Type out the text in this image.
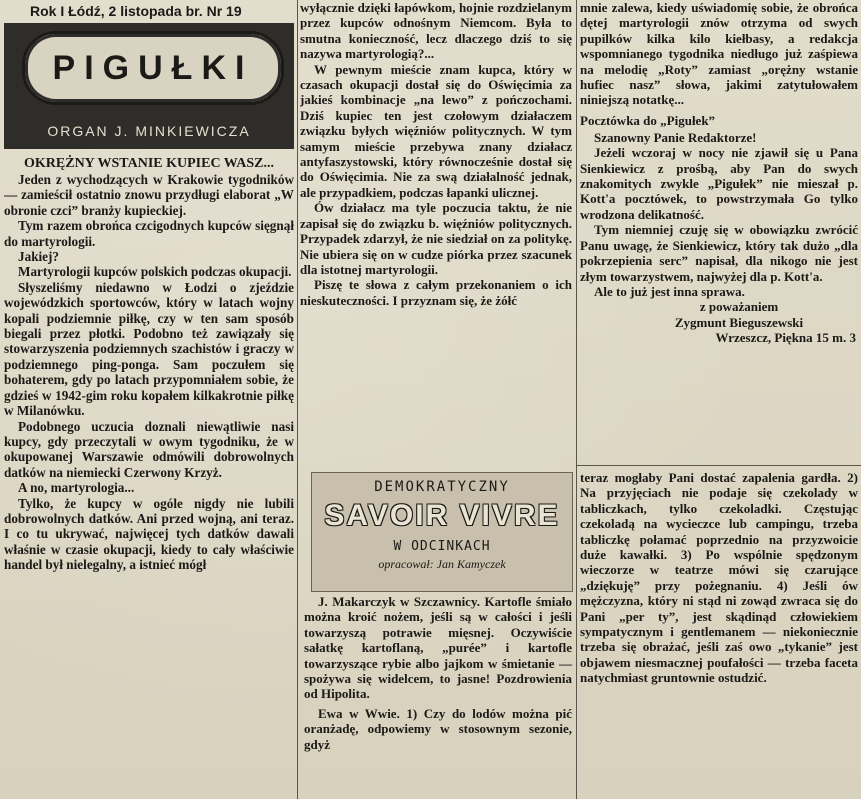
Rok I Łódź, 2 listopada br. Nr 19
PIGUŁKI
ORGAN J. MINKIEWICZA
OKRĘŻNY WSTANIE KUPIEC WASZ...

Jeden z wychodzących w Krakowie tygodników — zamieścił ostatnio znowu przydługi elaborat „W obronie czci” branży kupieckiej.

Tym razem obrońca czcigodnych kupców sięgnął do martyrologii.

Jakiej?

Martyrologii kupców polskich podczas okupacji.

Słyszeliśmy niedawno w Łodzi o zjeździe wojewódzkich sportowców, który w latach wojny kopali podziemnie piłkę, czy w ten sam sposób biegali przez płotki. Podobno też zawiązały się stowarzyszenia podziemnych szachistów i graczy w podziemnego ping-ponga. Sam poczułem się bohaterem, gdy po latach przypomniałem sobie, że gdzieś w 1942-gim roku kopałem kilkakrotnie piłkę w Milanówku.

Podobnego uczucia doznali niewątliwie nasi kupcy, gdy przeczytali w owym tygodniku, że w okupowanej Warszawie odmówili dobrowolnych datków na niemiecki Czerwony Krzyż.

A no, martyrologia...

Tylko, że kupcy w ogóle nigdy nie lubili dobrowolnych datków. Ani przed wojną, ani teraz. I co tu ukrywać, najwięcej tych datków dawali właśnie w czasie okupacji, kiedy to cały właściwie handel był nielegalny, a istnieć mógł

wyłącznie dzięki łapówkom, hojnie rozdzielanym przez kupców odnośnym Niemcom. Była to smutna konieczność, lecz dlaczego dziś to się nazywa martyrologią?...

W pewnym mieście znam kupca, który w czasach okupacji dostał się do Oświęcimia za jakieś kombinacje „na lewo” z pończochami. Dziś kupiec ten jest czołowym działaczem związku byłych więźniów politycznych. W tym samym mieście przebywa znany działacz antyfaszystowski, który równocześnie dostał się do Oświęcimia. Nie za swą działalność jednak, ale przypadkiem, podczas łapanki ulicznej.

Ów działacz ma tyle poczucia taktu, że nie zapisał się do związku b. więźniów politycznych. Przypadek zdarzył, że nie siedział on za politykę. Nie ubiera się on w cudze piórka przez szacunek dla istotnej martyrologii.

Piszę te słowa z całym przekonaniem o ich nieskuteczności. I przyznam się, że żółć

DEMOKRATYCZNY
SAVOIR VIVRE
W ODCINKACH
opracował: Jan Kamyczek

J. Makarczyk w Szczawnicy. Kartofle śmiało można kroić nożem, jeśli są w całości i jeśli towarzyszą potrawie mięsnej. Oczywiście sałatkę kartoflaną, „purée” i kartofle towarzyszące rybie albo jajkom w śmietanie — spożywa się widelcem, to jasne! Pozdrowienia od Hipolita.

Ewa w Wwie. 1) Czy do lodów można pić oranżadę, odpowiemy w stosownym sezonie, gdyż

mnie zalewa, kiedy uświadomię sobie, że obrońca dętej martyrologii znów otrzyma od swych pupilków kilka kilo kiełbasy, a redakcja wspomnianego tygodnika niedługo już zaśpiewa na melodię „Roty” zamiast „orężny wstanie hufiec nasz” słowa, jakimi zatytułowałem niniejszą notatkę...

Pocztówka do „Pigułek”

Szanowny Panie Redaktorze!

Jeżeli wczoraj w nocy nie zjawił się u Pana Sienkiewicz z prośbą, aby Pan do swych znakomitych zwykle „Pigułek” nie mieszał p. Kott'a pocztówek, to powstrzymała Go tylko wrodzona delikatność.

Tym niemniej czuję się w obowiązku zwrócić Panu uwagę, że Sienkiewicz, który tak dużo „dla pokrzepienia serc” napisał, dla nikogo nie jest złym towarzystwem, najwyżej dla p. Kott'a.

Ale to już jest inna sprawa.

z poważaniem
Zygmunt Bieguszewski
Wrzeszcz, Piękna 15 m. 3

teraz mogłaby Pani dostać zapalenia gardła. 2) Na przyjęciach nie podaje się czekolady w tabliczkach, tylko czekoladki. Częstując czekoladą na wycieczce lub campingu, trzeba tabliczkę połamać poprzednio na przyzwoicie duże kawałki. 3) Po wspólnie spędzonym wieczorze w teatrze mówi się czarujące „dziękuję” przy pożegnaniu. 4) Jeśli ów mężczyzna, który ni stąd ni zowąd zwraca się do Pani „per ty”, jest skądinąd człowiekiem sympatycznym i gentlemanem — niekoniecznie trzeba się obrażać, jeśli zaś owo „tykanie” jest objawem niesmacznej poufałości — trzeba faceta natychmiast gruntownie ostudzić.
